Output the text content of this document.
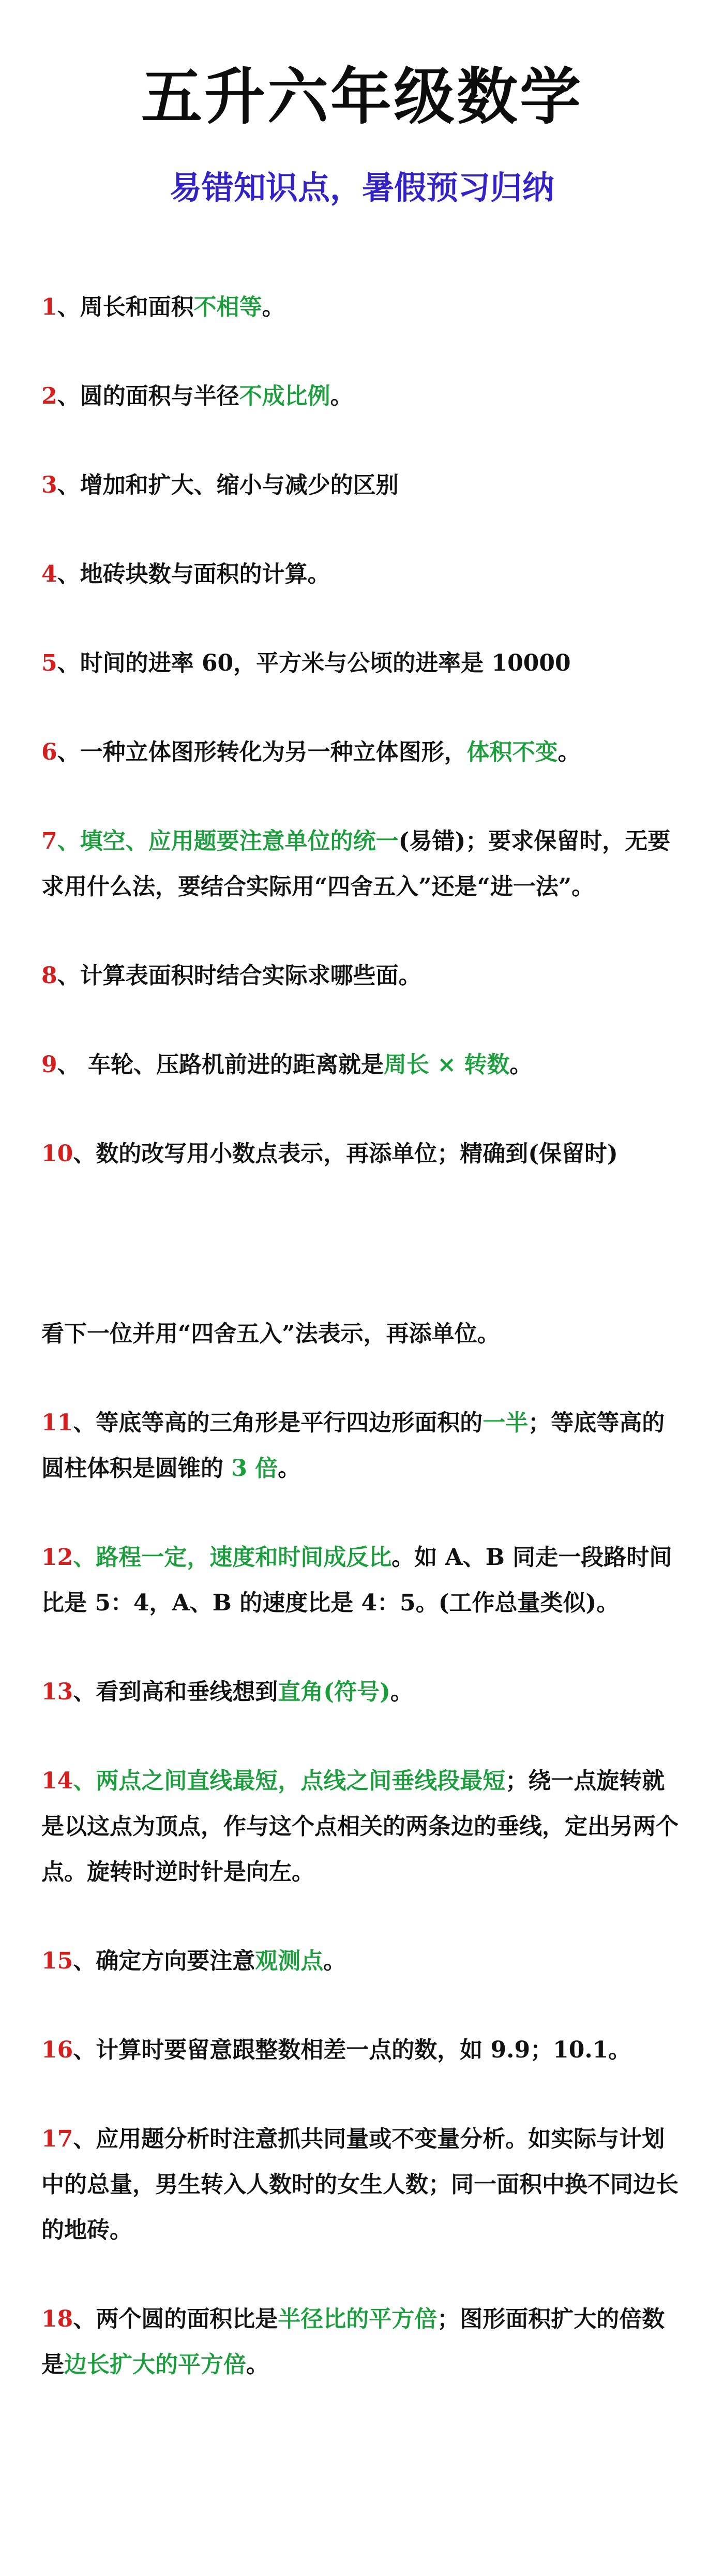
五升六年级数学
易错知识点，暑假预习归纳

1、周长和面积不相等。

2、圆的面积与半径不成比例。

3、增加和扩大、缩小与减少的区别

4、地砖块数与面积的计算。

5、时间的进率 60，平方米与公顷的进率是 10000

6、一种立体图形转化为另一种立体图形，体积不变。

7、填空、应用题要注意单位的统一(易错)；要求保留时，无要求用什么法，要结合实际用“四舍五入”还是“进一法”。

8、计算表面积时结合实际求哪些面。

9、 车轮、压路机前进的距离就是周长 × 转数。

10、数的改写用小数点表示，再添单位；精确到(保留时)

看下一位并用“四舍五入”法表示，再添单位。

11、等底等高的三角形是平行四边形面积的一半；等底等高的圆柱体积是圆锥的 3 倍。

12、路程一定，速度和时间成反比。如 A、B 同走一段路时间比是 5：4，A、B 的速度比是 4：5。(工作总量类似)。

13、看到高和垂线想到直角(符号)。

14、两点之间直线最短，点线之间垂线段最短；绕一点旋转就是以这点为顶点，作与这个点相关的两条边的垂线，定出另两个点。旋转时逆时针是向左。

15、确定方向要注意观测点。

16、计算时要留意跟整数相差一点的数，如 9.9；10.1。

17、应用题分析时注意抓共同量或不变量分析。如实际与计划中的总量，男生转入人数时的女生人数；同一面积中换不同边长的地砖。

18、两个圆的面积比是半径比的平方倍；图形面积扩大的倍数是边长扩大的平方倍。
